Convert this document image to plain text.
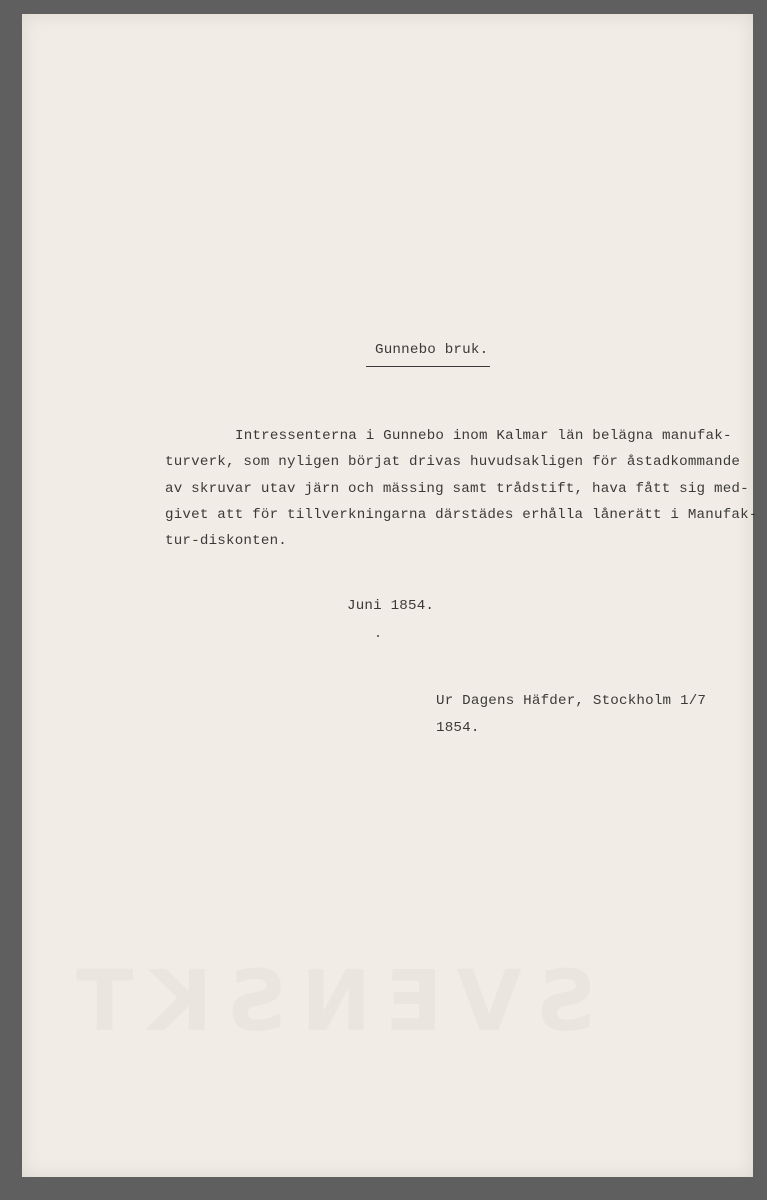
SVENSKT
Gunnebo bruk.
Intressenterna i Gunnebo inom Kalmar län belägna manufak-
turverk, som nyligen börjat drivas huvudsakligen för åstadkommande
av skruvar utav järn och mässing samt trådstift, hava fått sig med-
givet att för tillverkningarna därstädes erhålla lånerätt i Manufak-
tur-diskonten.
Juni 1854.
Ur Dagens Häfder, Stockholm 1/7
1854.
